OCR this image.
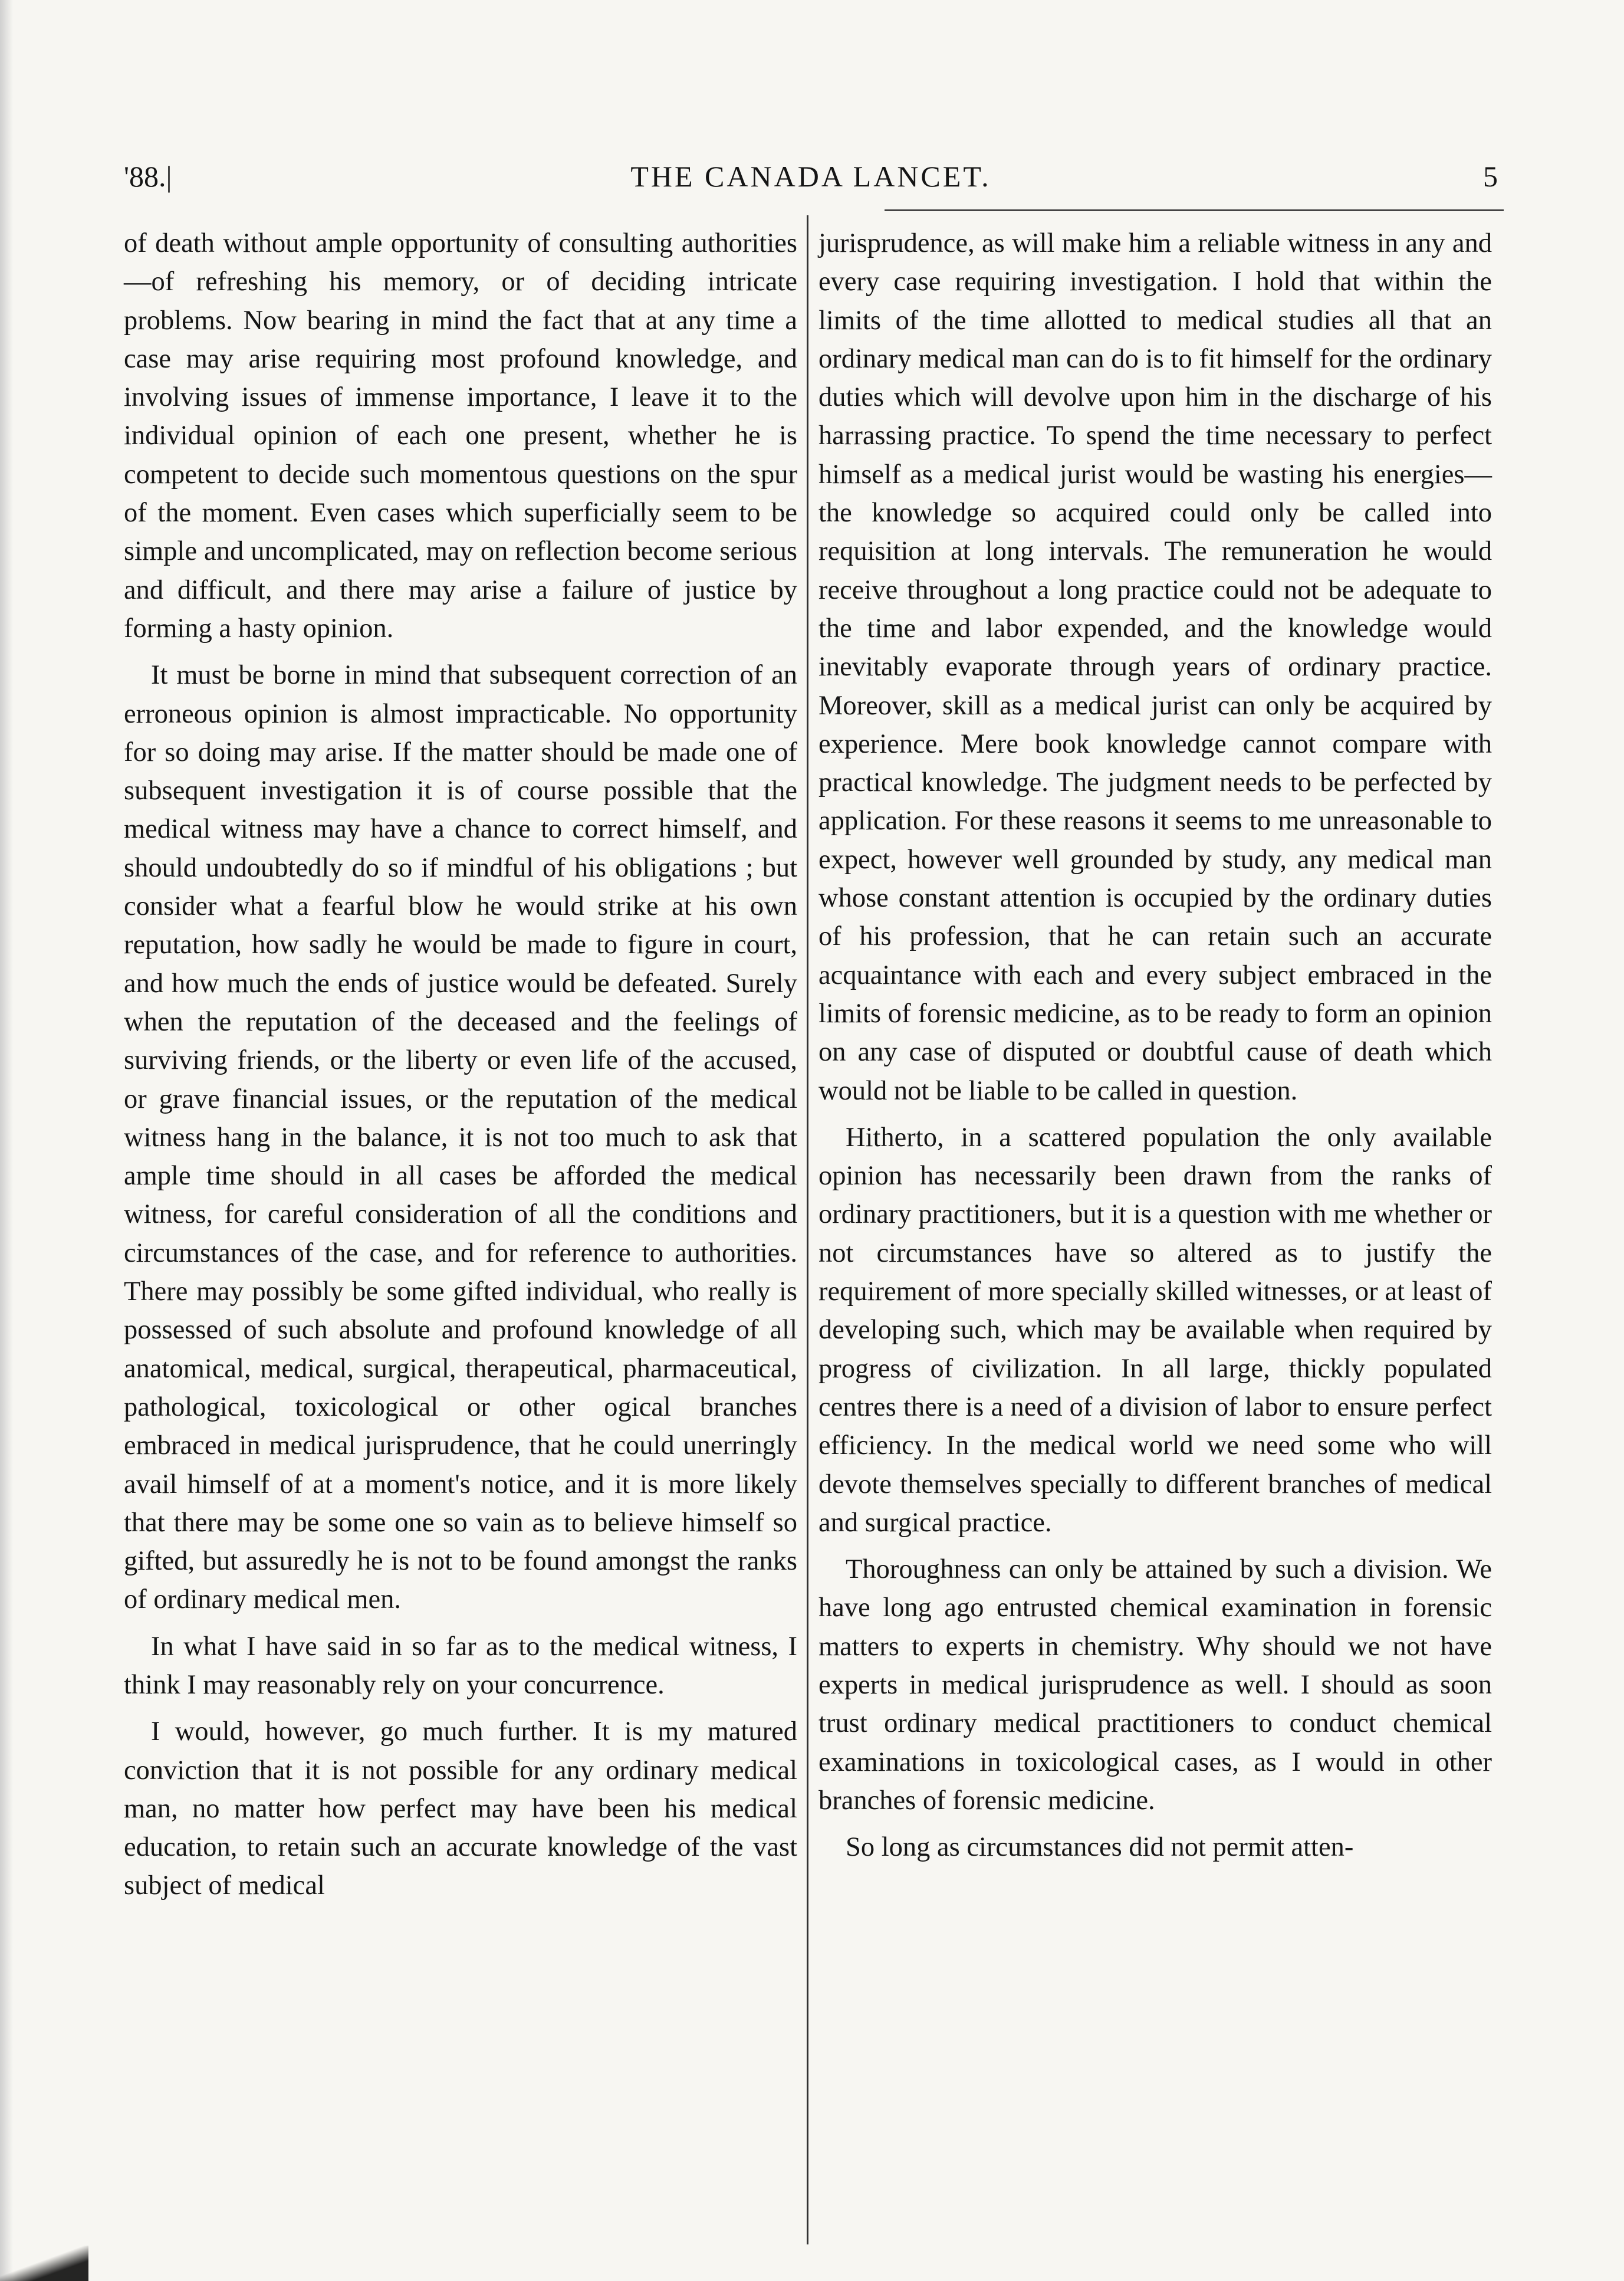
'88.|	THE CANADA LANCET.	5

of death without ample opportunity of consulting authorities—of refreshing his memory, or of deciding intricate problems. Now bearing in mind the fact that at any time a case may arise requiring most profound knowledge, and involving issues of immense importance, I leave it to the individual opinion of each one present, whether he is competent to decide such momentous questions on the spur of the moment. Even cases which superficially seem to be simple and uncomplicated, may on reflection become serious and difficult, and there may arise a failure of justice by forming a hasty opinion.

It must be borne in mind that subsequent correction of an erroneous opinion is almost impracticable. No opportunity for so doing may arise. If the matter should be made one of subsequent investigation it is of course possible that the medical witness may have a chance to correct himself, and should undoubtedly do so if mindful of his obligations ; but consider what a fearful blow he would strike at his own reputation, how sadly he would be made to figure in court, and how much the ends of justice would be defeated. Surely when the reputation of the deceased and the feelings of surviving friends, or the liberty or even life of the accused, or grave financial issues, or the reputation of the medical witness hang in the balance, it is not too much to ask that ample time should in all cases be afforded the medical witness, for careful consideration of all the conditions and circumstances of the case, and for reference to authorities. There may possibly be some gifted individual, who really is possessed of such absolute and profound knowledge of all anatomical, medical, surgical, therapeutical, pharmaceutical, pathological, toxicological or other ogical branches embraced in medical jurisprudence, that he could unerringly avail himself of at a moment's notice, and it is more likely that there may be some one so vain as to believe himself so gifted, but assuredly he is not to be found amongst the ranks of ordinary medical men.

In what I have said in so far as to the medical witness, I think I may reasonably rely on your concurrence.

I would, however, go much further. It is my matured conviction that it is not possible for any ordinary medical man, no matter how perfect may have been his medical education, to retain such an accurate knowledge of the vast subject of medical

jurisprudence, as will make him a reliable witness in any and every case requiring investigation. I hold that within the limits of the time allotted to medical studies all that an ordinary medical man can do is to fit himself for the ordinary duties which will devolve upon him in the discharge of his harrassing practice. To spend the time necessary to perfect himself as a medical jurist would be wasting his energies—the knowledge so acquired could only be called into requisition at long intervals. The remuneration he would receive throughout a long practice could not be adequate to the time and labor expended, and the knowledge would inevitably evaporate through years of ordinary practice. Moreover, skill as a medical jurist can only be acquired by experience. Mere book knowledge cannot compare with practical knowledge. The judgment needs to be perfected by application. For these reasons it seems to me unreasonable to expect, however well grounded by study, any medical man whose constant attention is occupied by the ordinary duties of his profession, that he can retain such an accurate acquaintance with each and every subject embraced in the limits of forensic medicine, as to be ready to form an opinion on any case of disputed or doubtful cause of death which would not be liable to be called in question.

Hitherto, in a scattered population the only available opinion has necessarily been drawn from the ranks of ordinary practitioners, but it is a question with me whether or not circumstances have so altered as to justify the requirement of more specially skilled witnesses, or at least of developing such, which may be available when required by progress of civilization. In all large, thickly populated centres there is a need of a division of labor to ensure perfect efficiency. In the medical world we need some who will devote themselves specially to different branches of medical and surgical practice.

Thoroughness can only be attained by such a division. We have long ago entrusted chemical examination in forensic matters to experts in chemistry. Why should we not have experts in medical jurisprudence as well. I should as soon trust ordinary medical practitioners to conduct chemical examinations in toxicological cases, as I would in other branches of forensic medicine.

So long as circumstances did not permit atten-
